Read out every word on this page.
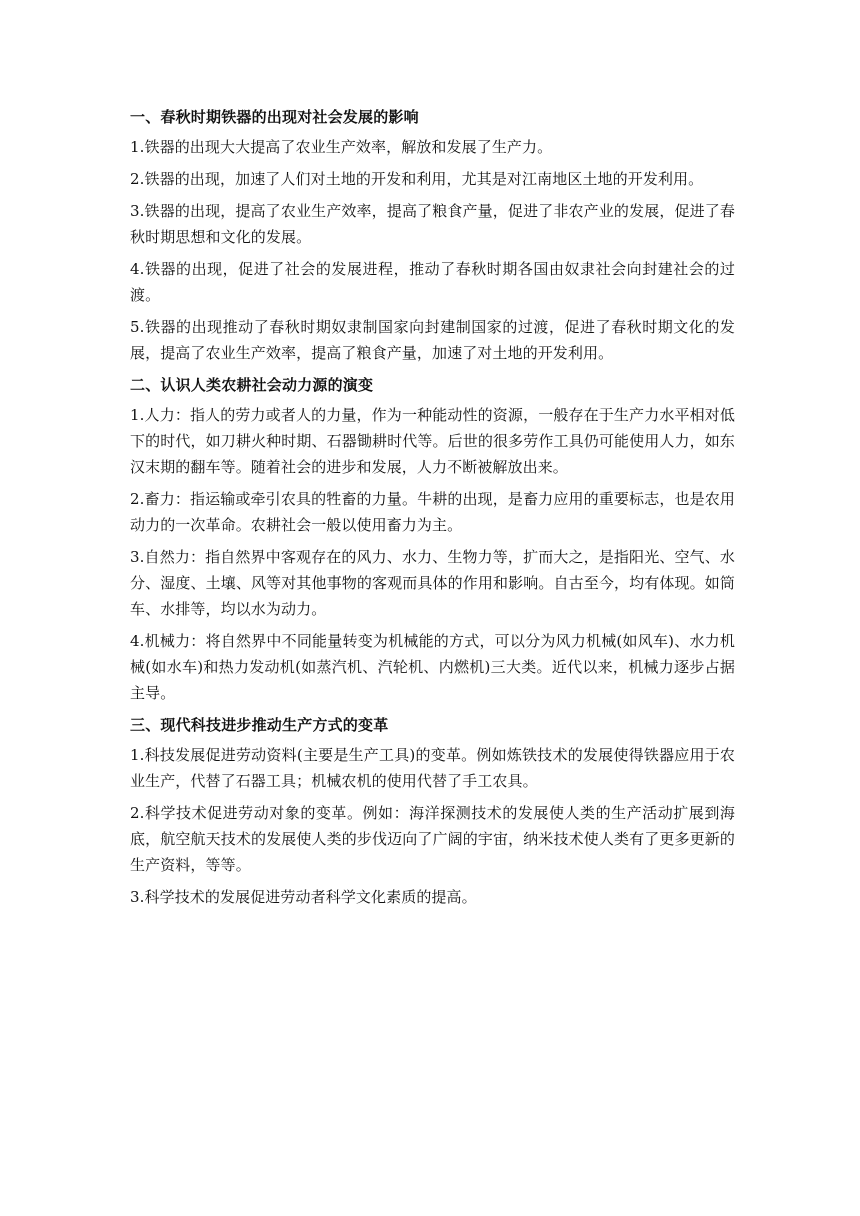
一、春秋时期铁器的出现对社会发展的影响

1.铁器的出现大大提高了农业生产效率，解放和发展了生产力。

2.铁器的出现，加速了人们对土地的开发和利用，尤其是对江南地区土地的开发利用。

3.铁器的出现，提高了农业生产效率，提高了粮食产量，促进了非农产业的发展，促进了春秋时期思想和文化的发展。

4.铁器的出现，促进了社会的发展进程，推动了春秋时期各国由奴隶社会向封建社会的过渡。

5.铁器的出现推动了春秋时期奴隶制国家向封建制国家的过渡，促进了春秋时期文化的发展，提高了农业生产效率，提高了粮食产量，加速了对土地的开发利用。

二、认识人类农耕社会动力源的演变

1.人力：指人的劳力或者人的力量，作为一种能动性的资源，一般存在于生产力水平相对低下的时代，如刀耕火种时期、石器锄耕时代等。后世的很多劳作工具仍可能使用人力，如东汉末期的翻车等。随着社会的进步和发展，人力不断被解放出来。

2.畜力：指运输或牵引农具的牲畜的力量。牛耕的出现，是畜力应用的重要标志，也是农用动力的一次革命。农耕社会一般以使用畜力为主。

3.自然力：指自然界中客观存在的风力、水力、生物力等，扩而大之，是指阳光、空气、水分、湿度、土壤、风等对其他事物的客观而具体的作用和影响。自古至今，均有体现。如筒车、水排等，均以水为动力。

4.机械力：将自然界中不同能量转变为机械能的方式，可以分为风力机械(如风车)、水力机械(如水车)和热力发动机(如蒸汽机、汽轮机、内燃机)三大类。近代以来，机械力逐步占据主导。

三、现代科技进步推动生产方式的变革

1.科技发展促进劳动资料(主要是生产工具)的变革。例如炼铁技术的发展使得铁器应用于农业生产，代替了石器工具；机械农机的使用代替了手工农具。

2.科学技术促进劳动对象的变革。例如：海洋探测技术的发展使人类的生产活动扩展到海底，航空航天技术的发展使人类的步伐迈向了广阔的宇宙，纳米技术使人类有了更多更新的生产资料，等等。

3.科学技术的发展促进劳动者科学文化素质的提高。
